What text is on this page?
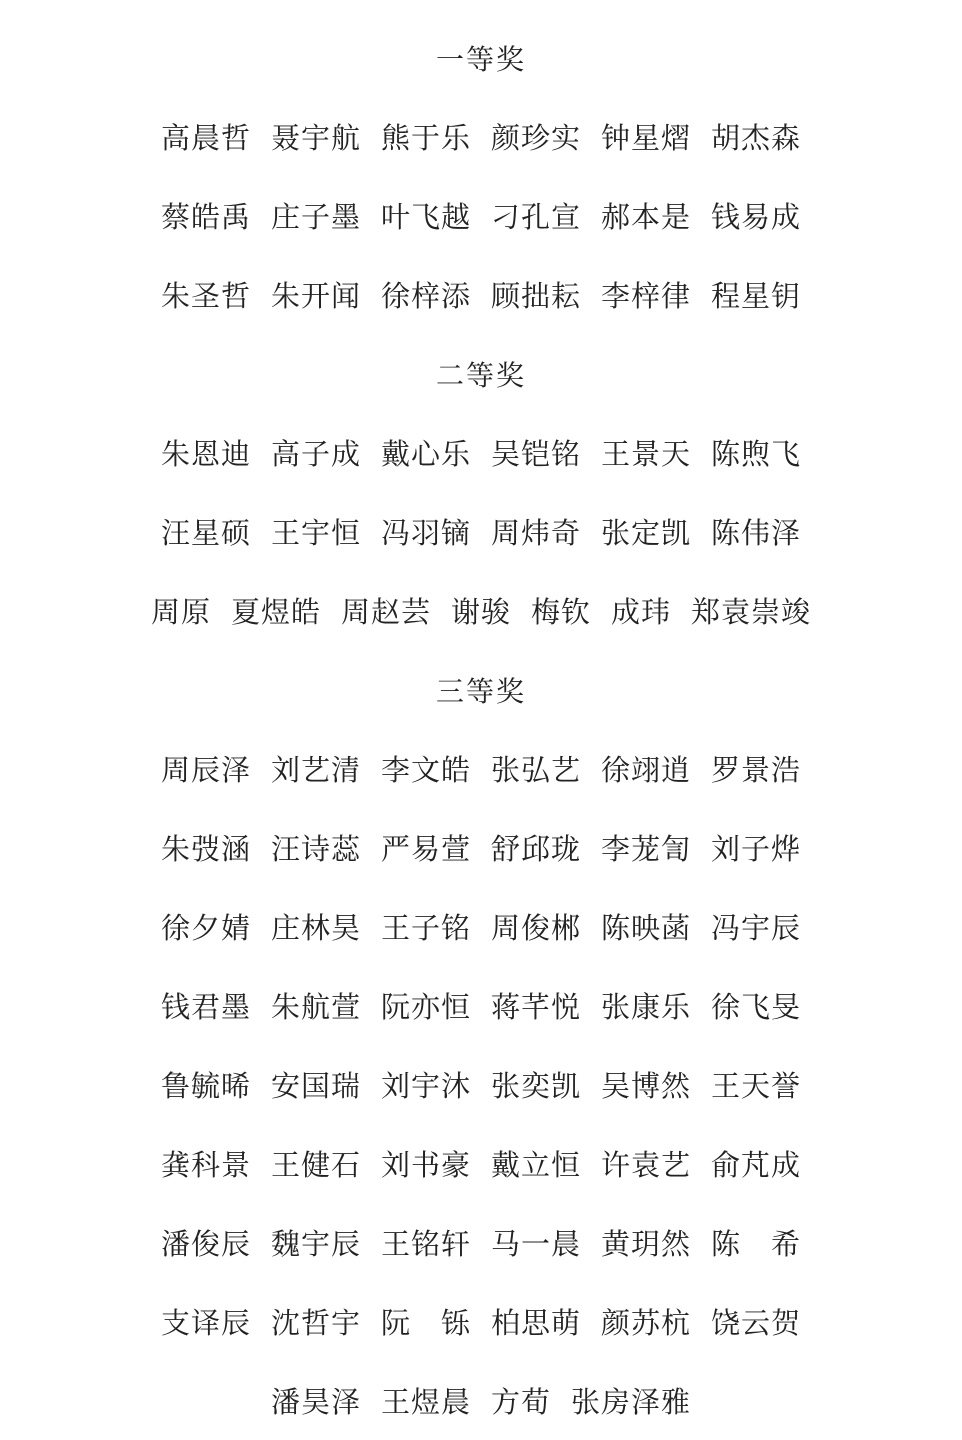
一等奖
高晨哲 聂宇航 熊于乐 颜珍实 钟星熠 胡杰森
蔡皓禹 庄子墨 叶飞越 刁孔宣 郝本是 钱易成
朱圣哲 朱开闻 徐梓添 顾拙耘 李梓律 程星钥
二等奖
朱恩迪 高子成 戴心乐 吴铠铭 王景天 陈煦飞
汪星硕 王宇恒 冯羽镝 周炜奇 张定凯 陈伟泽
周原 夏煜皓 周赵芸 谢骏 梅钦 成玮 郑袁崇竣
三等奖
周辰泽 刘艺清 李文皓 张弘艺 徐翊逍 罗景浩
朱弢涵 汪诗蕊 严易萱 舒邱珑 李茏訇 刘子烨
徐夕婧 庄林昊 王子铭 周俊郴 陈映菡 冯宇辰
钱君墨 朱航萱 阮亦恒 蒋芊悦 张康乐 徐飞旻
鲁毓晞 安国瑞 刘宇沐 张奕凯 吴博然 王天誉
龚科景 王健石 刘书豪 戴立恒 许袁艺 俞芃成
潘俊辰 魏宇辰 王铭轩 马一晨 黄玥然 陈　希
支译辰 沈哲宇 阮　铄 柏思萌 颜苏杭 饶云贺
潘昊泽 王煜晨 方荀 张房泽雅
